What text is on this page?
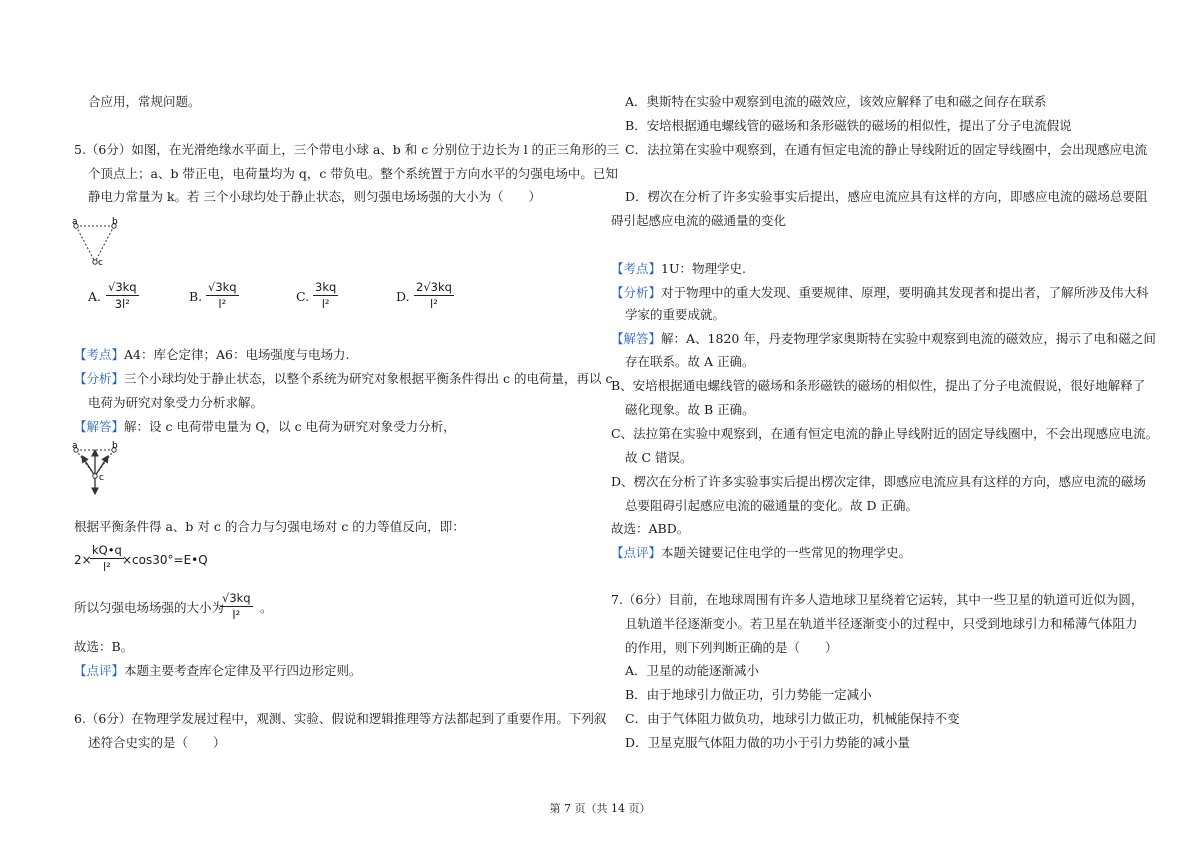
合应用，常规问题。
5.（6分）如图，在光滑绝缘水平面上，三个带电小球 a、b 和 c 分别位于边长为 l 的正三角形的三
个顶点上；a、b 带正电，电荷量均为 q，c 带负电。整个系统置于方向水平的匀强电场中。已知
静电力常量为 k。若 三个小球均处于静止状态，则匀强电场场强的大小为（　　）
a	b
c
A. $\frac{√3kq}{\text{3l²}}$	B. $\frac{√3kq}{\text{l²}}$	C. $\frac{3kq}{\text{l²}}$	D. $\frac{2√3kq}{\text{l²}}$
【考点】A4：库仑定律；A6：电场强度与电场力.
【分析】三个小球均处于静止状态，以整个系统为研究对象根据平衡条件得出 c 的电荷量，再以 c
电荷为研究对象受力分析求解。
【解答】解：设 c 电荷带电量为 Q，以 c 电荷为研究对象受力分析，
a	b
c
根据平衡条件得 a、b 对 c 的合力与匀强电场对 c 的力等值反向，即：
2×
$\frac{kQ•q}{\text{l²}}$
×cos30°=E•Q
所以匀强电场场强的大小为
$\frac{√3kq}{\text{l²}}$ 。
故选：B。
【点评】本题主要考查库仑定律及平行四边形定则。
6.（6分）在物理学发展过程中，观测、实验、假说和逻辑推理等方法都起到了重要作用。下列叙
述符合史实的是（　　）
A．奥斯特在实验中观察到电流的磁效应，该效应解释了电和磁之间存在联系
B．安培根据通电螺线管的磁场和条形磁铁的磁场的相似性，提出了分子电流假说
C．法拉第在实验中观察到，在通有恒定电流的静止导线附近的固定导线圈中，会出现感应电流
D．楞次在分析了许多实验事实后提出，感应电流应具有这样的方向，即感应电流的磁场总要阻
碍引起感应电流的磁通量的变化
【考点】1U：物理学史.
【分析】对于物理中的重大发现、重要规律、原理，要明确其发现者和提出者，了解所涉及伟大科
学家的重要成就。
【解答】解：A、1820 年，丹麦物理学家奥斯特在实验中观察到电流的磁效应，揭示了电和磁之间
存在联系。故 A 正确。
B、安培根据通电螺线管的磁场和条形磁铁的磁场的相似性，提出了分子电流假说，很好地解释了
磁化现象。故 B 正确。
C、法拉第在实验中观察到，在通有恒定电流的静止导线附近的固定导线圈中，不会出现感应电流。
故 C 错误。
D、楞次在分析了许多实验事实后提出楞次定律，即感应电流应具有这样的方向，感应电流的磁场
总要阻碍引起感应电流的磁通量的变化。故 D 正确。
故选：ABD。
【点评】本题关键要记住电学的一些常见的物理学史。
7.（6分）目前，在地球周围有许多人造地球卫星绕着它运转，其中一些卫星的轨道可近似为圆，
且轨道半径逐渐变小。若卫星在轨道半径逐渐变小的过程中，只受到地球引力和稀薄气体阻力
的作用，则下列判断正确的是（　　）
A．卫星的动能逐渐减小
B．由于地球引力做正功，引力势能一定减小
C．由于气体阻力做负功，地球引力做正功，机械能保持不变
D．卫星克服气体阻力做的功小于引力势能的减小量
第 7 页（共 14 页）
